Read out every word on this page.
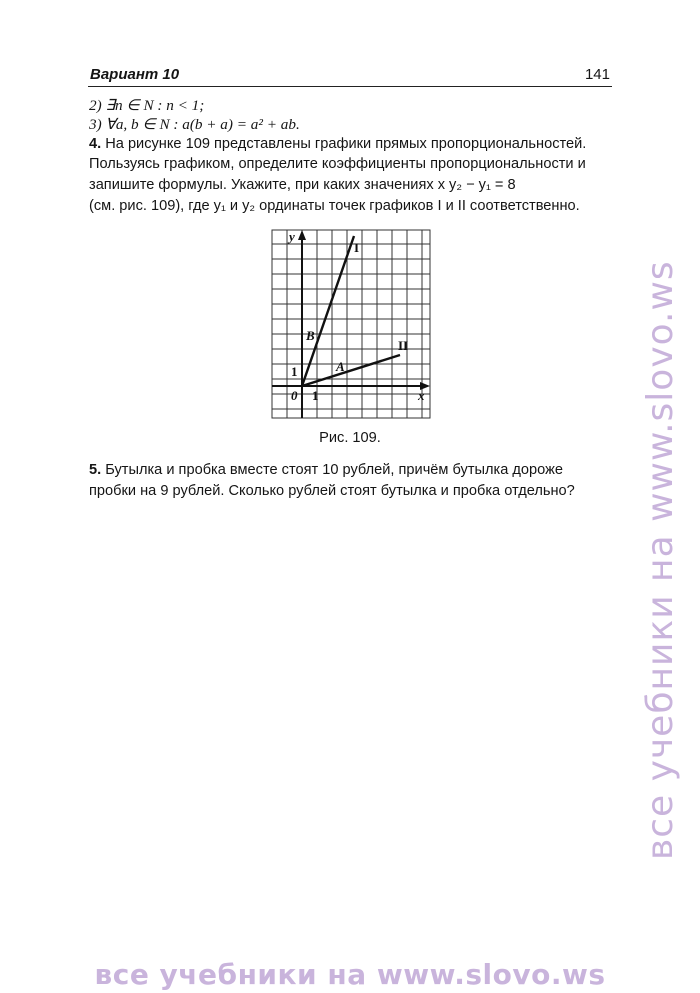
Вариант 10	141
2) ∃n ∈ N : n < 1;
3) ∀a, b ∈ N : a(b + a) = a² + ab.
4. На рисунке 109 представлены графики прямых пропорциональностей.
Пользуясь графиком, определите коэффициенты пропорциональности и
запишите формулы. Укажите, при каких значениях x y₂ − y₁ = 8
(см. рис. 109), где y₁ и y₂ ординаты точек графиков I и II соответственно.
y
x
0 1
1
B
A
I
II
Рис. 109.
5. Бутылка и пробка вместе стоят 10 рублей, причём бутылка дороже
пробки на 9 рублей. Сколько рублей стоят бутылка и пробка отдельно? все учебники на www.slovo.ws
все учебники на www.slovo.ws
